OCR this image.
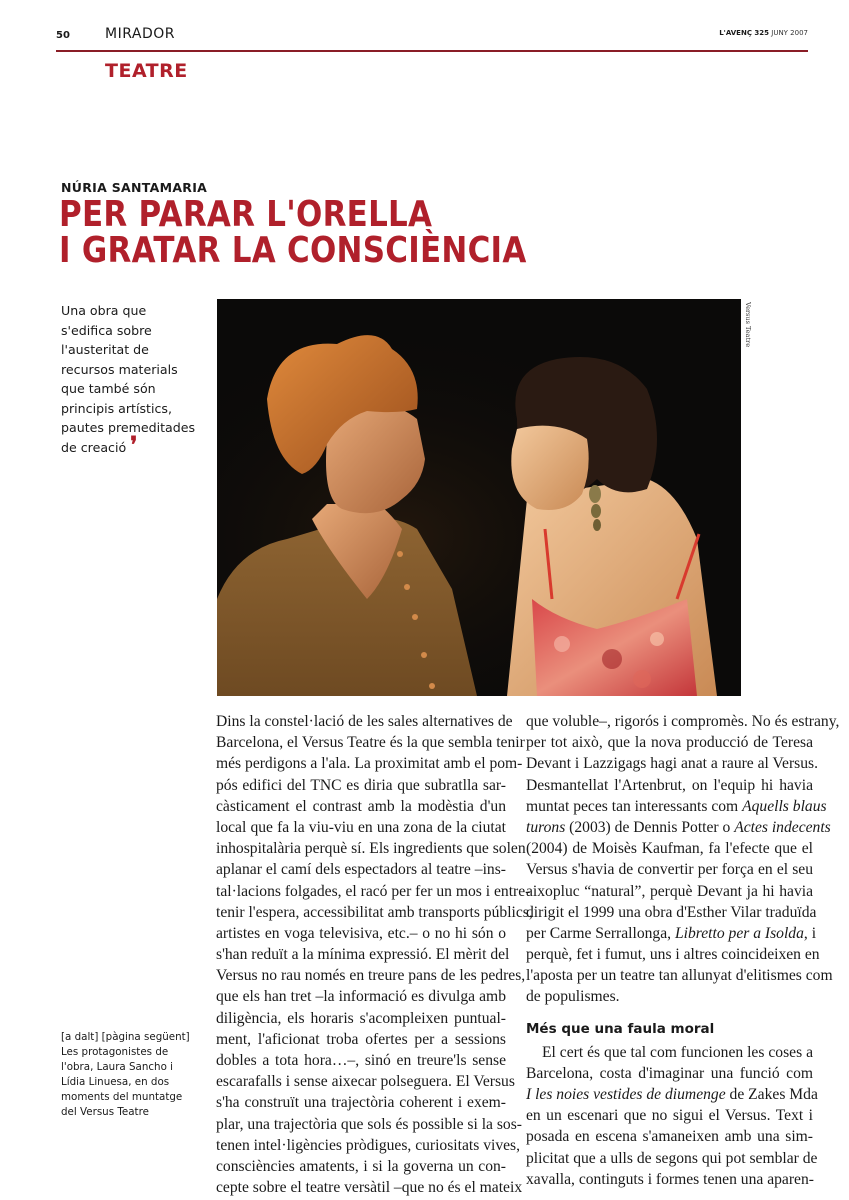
50	MIRADOR	L'AVENÇ 325 JUNY 2007
TEATRE
NÚRIA SANTAMARIA
PER PARAR L'ORELLA
I GRATAR LA CONSCIÈNCIA
Una obra que
s'edifica sobre
l'austeritat de
recursos materials
que també són
principis artístics,
pautes premeditades
de creació ❜
Versus Teatre
Dins la constel·lació de les sales alternatives de
Barcelona, el Versus Teatre és la que sembla tenir
més perdigons a l'ala. La proximitat amb el pom-
pós edifici del TNC es diria que subratlla sar-
càsticament el contrast amb la modèstia d'un
local que fa la viu-viu en una zona de la ciutat
inhospitalària perquè sí. Els ingredients que solen
aplanar el camí dels espectadors al teatre –ins-
tal·lacions folgades, el racó per fer un mos i entre-
tenir l'espera, accessibilitat amb transports públics,
artistes en voga televisiva, etc.– o no hi són o
s'han reduït a la mínima expressió. El mèrit del
Versus no rau només en treure pans de les pedres,
que els han tret –la informació es divulga amb
diligència, els horaris s'acompleixen puntual-
ment, l'aficionat troba ofertes per a sessions
dobles a tota hora…–, sinó en treure'ls sense
escarafalls i sense aixecar polseguera. El Versus
s'ha construït una trajectòria coherent i exem-
plar, una trajectòria que sols és possible si la sos-
tenen intel·ligències pròdigues, curiositats vives,
consciències amatents, i si la governa un con-
cepte sobre el teatre versàtil –que no és el mateix
que voluble–, rigorós i compromès. No és estrany,
per tot això, que la nova producció de Teresa
Devant i Lazzigags hagi anat a raure al Versus.
Desmantellat l'Artenbrut, on l'equip hi havia
muntat peces tan interessants com Aquells blaus
turons (2003) de Dennis Potter o Actes indecents
(2004) de Moisès Kaufman, fa l'efecte que el
Versus s'havia de convertir per força en el seu
aixopluc “natural”, perquè Devant ja hi havia
dirigit el 1999 una obra d'Esther Vilar traduïda
per Carme Serrallonga, Libretto per a Isolda, i
perquè, fet i fumut, uns i altres coincideixen en
l'aposta per un teatre tan allunyat d'elitismes com
de populismes.
Més que una faula moral
El cert és que tal com funcionen les coses a
Barcelona, costa d'imaginar una funció com
I les noies vestides de diumenge de Zakes Mda
en un escenari que no sigui el Versus. Text i
posada en escena s'amaneixen amb una sim-
plicitat que a ulls de segons qui pot semblar de
xavalla, continguts i formes tenen una aparen-
[a dalt] [pàgina següent]
Les protagonistes de
l'obra, Laura Sancho i
Lídia Linuesa, en dos
moments del muntatge
del Versus Teatre
